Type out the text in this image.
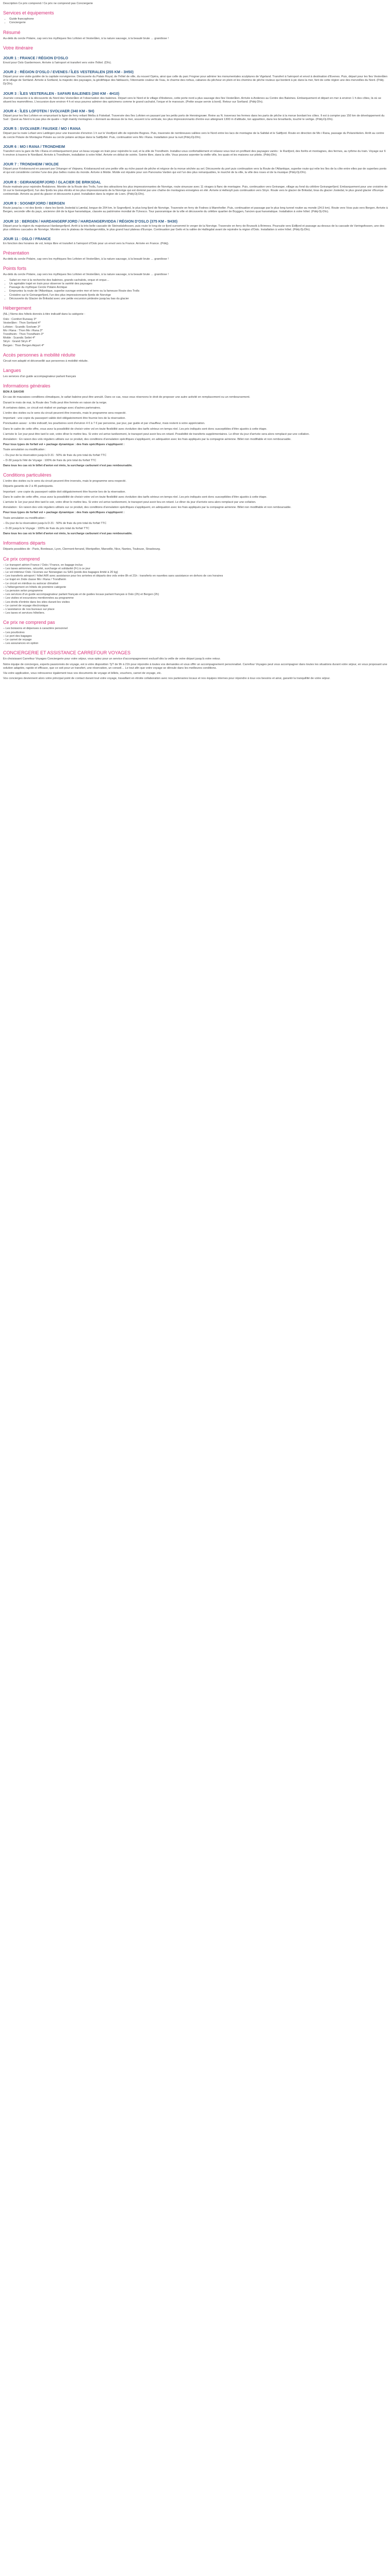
Description Ce prix comprend / Ce prix ne comprend pas Conciergerie
Services et équipements
• Guide francophone
• Conciergerie
Résumé
Au-delà du cercle Polaire, cap vers les mythiques îles Lofoten et Vesterålen, à la nature sauvage, à la beauté brute … grandiose !
Votre itinéraire
JOUR 1 : FRANCE / RÉGION D'OSLO
Envol pour Oslo Gardermoen. Arrivée à l'aéroport et transfert vers votre l'hôtel. (Dîn).
JOUR 2 : RÉGION D'OSLO / EVENES / ÎLES VESTERALEN (255 KM - 3H50)
Départ pour une visite guidée de la capitale norvégienne. Découverte du Palais Royal, de l'hôtel de ville, du nouvel Opéra, ainsi que celle du parc Frogner pour admirer les monumentales sculptures de Vigeland. Transfert à l'aéroport et envol à destination d'Evenes. Puis, départ pour les îles Vesterålen et le village de Sortland. Arrivée à Sortland, la majestic des paysages, la géolithique des fabliaux/s, l'étonnante couleur de l'eau, le charme des rorbus, cabanes du pêcheur en plein et les chemins de pêche routeux qui bordent à pic dans la mer, font de cette région une des merveilles du Nord. (Pdéj-Dj-Dîn).
JOUR 3 : ÎLES VESTERALEN - SAFARI BALEINES (260 KM - 4H10)
Journée consacrée à la découverte du Nord des Vesterålen et l'observation des baleines. Départ vers le Nord et le village d'Andenes, cette porte nord a plus sauvage des îles Vesterålen. Arrivée à Andenes au Centre des Baleines. Embarquement et départ en mer à environ 1 h des côtes, là où se situent les mammifères. L'excursion dure environ 4 h et vous pourrez admirer des spécimens comme le grand cachalot, l'orque et le marsouin. (Petite soupe servie à bord). Retour sur Sortland. (Pdéj-Dîn).
JOUR 4 : ÎLES LOFOTEN / SVOLVAER (340 KM - 5H)
Départ pour les îles Lofoten en empruntant la ligne de ferry reliant Melbu à Fiskebøl. Traversée des îles Lofoten en passant par les petits ports de Henningsvær. Reine au N. traversez les fermes dans les parts de pêche à la morue bordant les côtes. Il est à compter pas 150 km de développement du Sud : Quest au Nord à le pas plus de quatre « high mainly montagnes » donnant au-dessus de la mer, souvent à la verticale, les plus impressionnants d'entre eux atteignant 1300 m d'altitude, ton apparition, dans les brouillards, touché le vertige. (Pdéj-Dj-Dîn).
JOUR 5 : SVOLVAER / FAUSKE / MO I RANA
Départ par la route Lofast vers Lødingen pour une traversée d'environ 1 h sur le Vestfjord afin de rejoindre Bognes. Puis, traversée de nombreuses vallées vers le Nord entre les lacs de montagne de la Saltdal et le Saltfjord. Route en direction de Mo i Rana, passage du Polarsirkelen. Arrêt au centre du cercle Polaire de Montagne Polaire au cercle polaire arctique dans la Saltfjellet. Puis, continuation vers Mo i Rana. Installation pour la nuit (Pdéj-Dj-Dîn).
JOUR 6 : MO I RANA / TRONDHEIM
Transfert vers la gare de Mo i Rana et embarquement pour un beau voyage en train pour rejoindre le sud, et la ville de Trondheim. Installez-vous confortablement et relaxez-vous tout en profitant des paysages variés : le Ranfjord, des forêts et montagnes, des fermes, au rythme du train. Voyage sur 6 h environ à travers le Nordland. Arrivée à Trondheim, installation à votre hôtel. Arrivée en début de soirée. Soirée libre, dans la ville. Vous pouvez arpenter la vieille ville, les quais et les maisons sur pilotis. (Pdéj-Dîn).
JOUR 7 : TRONDHEIM / MOLDE
Départ pour Kristiansund en passant par Orkanger et Vinjeøra. Kristiansund est une petite ville au riche passé de pêche et négoce de la morue séchée au sel. Découverte du port puis continuation vers la Route de l'Atlantique, superbe route qui relie les îles de la côte entre elles par de superbes ponts et qui est considérée comme l'une des plus belles routes du monde. Arrivée à Molde. Molde est réputée pour son Panorama Varden qui est l'un des plus remarquables, le marché de la ville, la ville des roses et de la musique (Pdéj-Dj-Dîn).
JOUR 8 : GEIRANGERFJORD / GLACIER DE BRIKSDAL
Route matinale pour rejoindre Åndalsnes. Montée de la Route des Trolls, l'une des attractions les plus impressionnantes de Norvège, route sinueuse avec 11 virages à flanc de montagne. Puis, continuation vers Geiranger, village au fond du célèbre Geirangerfjord. Embarquement pour une croisière de 1h sur le Geirangerfjord, l'un des fjords les plus étroits et les plus impressionnants de la Norvège qui est dominé par une chaîne de montagnes enneigées en été. Arrivée à Hellesylt puis continuation vers Stryn. Route vers le glacier de Briksdal, bras du glacier Jostedal, le plus grand glacier d'Europe continentale. Arrivée au pied du glacier et découverte à pied. Installation dans la région de Loen. (Pdéj-Dj-Dîn).
JOUR 9 : SOGNEFJORD / BERGEN
Route jusqu'au « roi des fjords » dans les fjords Jostedal à Lærdal, longue de 204 km, le Sognefjord, le plus long fjord de Norvège. Traversée en ferry de Fodnes à Mannheller. Puis, continuation et passage par le plus long tunnel routier au monde (24,5 km). Route vers Voss puis vers Bergen. Arrivée à Bergen, seconde ville du pays, ancienne cité de la ligue hanséatique, classée au patrimoine mondial de l'Unesco. Tour panoramique de la ville et découverte du célèbre quartier de Bryggen, l'ancien quai hanséatique. Installation à votre hôtel. (Pdéj-Dj-Dîn).
JOUR 10 : BERGEN / HARDANGERFJORD / HARDANGERVIDDA / RÉGION D'OSLO (375 KM - 5H30)
Départ pour la région du majestueux Hardangerfjord. Arrêt à la très belle cascade de Steinsdalsfossen, puis route le long de ce fjord surnommé le verger de la Norvège. Traversée en ferry de Bruravik à Brimnes. Poursuite vers Eidfjord et passage au-dessus de la cascade de Vøringsfossen, une des plus célèbres cascades de Norvège. Montée vers le plateau de Hardangervidda, le plus grand haut plateau d'Europe. Continuation par Geilo et la vallée de Hallingdal avant de rejoindre la région d'Oslo. Installation à votre hôtel. (Pdéj-Dj-Dîn).
JOUR 11 : OSLO / FRANCE
En fonction des horaires de vol, temps libre et transfert à l'aéroport d'Oslo pour un envol vers la France. Arrivée en France. (Pdéj).
Présentation
Au-delà du cercle Polaire, cap vers les mythiques îles Lofoten et Vesterålen, à la nature sauvage, à la beauté brute … grandiose !
Points forts
Au-delà du cercle Polaire, cap vers les mythiques îles Lofoten et Vesterålen, à la nature sauvage, à la beauté brute … grandiose !
• Safari en mer à la recherche des baleines, grands cachalots, orque et orque…
• Un agréable trajet en train pour observer la variété des paysages
• Passage du mythique Cercle Polaire Arctique
• Empruntez la route de l'Atlantique, superbe ouvrage entre mer et terre ou la fameuse Route des Trolls
• Croisière sur le Geirangerfjord, l'un des plus impressionnants fjords de Norvège
• Découverte du Glacier de Briksdal avec une petite excursion pédestre jusqu'au bas du glacier
Hébergement
(NL.) Noms des hôtels donnés à titre indicatif dans la catégorie :
Oslo : Comfort Runway 3*
Vesterålen : Thon Sortland 4*
Lofoten : Scandic Svolvær 3*
Mo i Rana : Thon Mo i Rana 3*
Trondheim : Thon Trondheim 3*
Molde : Scandic Seilet 4*
Stryn : Grand Stryn 4*
Bergen : Thon Bergen Airport 4*
Accès personnes à mobilité réduite
Circuit non adapté et déconseillé aux personnes à mobilité réduite.
Langues
Les services d'un guide accompagnateur parlant français
Informations générales
BON À SAVOIR
En cas de mauvaises conditions climatiques, le safari baleine peut être annulé. Dans ce cas, nous vous réservons le droit de proposer une autre activité en remplacement ou un remboursement.
Durant le mois de mai, la Route des Trolls peut être fermée en raison de la neige.
À certaines dates, ce circuit est réalisé en partage avec d'autres partenaires.
L'ordre des visites ou le sens du circuit peuvent être inversés, mais le programme sera respecté.
Important : une copie du passeport valide doit obligatoirement être fournie lors de la réservation.
Ponctuation assez : à titre indicatif, les pourboires sont d'environ 4 € à 7 € par personne, par jour, par guide et par chauffeur, mais restent à votre appréciation.
Dans le cadre de cette offre, vous avez la possibilité de choisir votre vol en toute flexibilité avec évolution des tarifs sérieux en temps réel. Les prix indiqués sont donc susceptibles d'être ajustés à cette étape.
L'arrivée le 1er jour peut être tard le soir, votre dîner le mettre lieu. Si votre vol arrive tardivement, le transport peut avoir lieu en retard. Possibilité de transferts supplémentaires. Le dîner du jour d'arrivée sera alors remplacé par une collation.
Annulation : En raison des vols réguliers utilisés sur ce produit, des conditions d'annulation spécifiques s'appliquent, en adéquation avec les frais appliqués par la compagnie aérienne. Billet non modifiable et non remboursable.
Pour tous types de forfait vol + package dynamique : des frais spécifiques s'appliquent :
Toute annulation ou modification :
– Du jour de la réservation jusqu'à D-31 : 50% de frais du prix total du forfait TTC
– D-30 jusqu'à l'été de Voyage : 100% de frais du prix total du forfait TTC
Dans tous les cas où le billet d'avion est émis, la surcharge carburant n'est pas remboursable.
Conditions particulières
L'ordre des visites ou le sens du circuit peuvent être inversés, mais le programme sera respecté.
Départs garantis de 2 à 45 participants.
Important : une copie du passeport valide doit obligatoirement être fournie lors de la réservation.
Dans le cadre de cette offre, vous avez la possibilité de choisir votre vol en toute flexibilité avec évolution des tarifs sérieux en temps réel. Les prix indiqués sont donc susceptibles d'être ajustés à cette étape.
L'arrivée le 1er jour peut être tard le soir, votre dîner le mettre lieu. Si votre vol arrive tardivement, le transport peut avoir lieu en retard. Le dîner du jour d'arrivée sera alors remplacé par une collation.
Annulation : En raison des vols réguliers utilisés sur ce produit, des conditions d'annulation spécifiques s'appliquent, en adéquation avec les frais appliqués par la compagnie aérienne. Billet non modifiable et non remboursable.
Pour tous types de forfait vol + package dynamique : des frais spécifiques s'appliquent :
Toute annulation ou modification :
– Du jour de la réservation jusqu'à D-31 : 50% de frais du prix total du forfait TTC
– D-30 jusqu'à le Voyage : 100% de frais du prix total du forfait TTC
Dans tous les cas où le billet d'avion est émis, la surcharge carburant n'est pas remboursable.
Informations départs
Départs possibles de : Paris, Bordeaux, Lyon, Clermont-ferrand, Montpellier, Marseille, Nice, Nantes, Toulouse, Strasbourg.
Ce prix comprend
– Le transport aérien France / Oslo / France, en bagage inclus
– Les taxes aériennes, sécurité, surcharge et solidarité (Fr) à ce jour
– Le vol intérieur Oslo / Evenes sur Norwegian ou SAS (poids des bagages limité à 20 kg)
– Les transferts aéroport / hôtel A/R avec assistance pour les arrivées et départs des vols entre 8h et 21h : transferts en navettes sans assistance en dehors de ces horaires
– Le trajet en 2nde classe Mo i Rana / Trondheim
– Le circuit en minibus ou autocar climatisé
– L'hébergement en hôtels de première catégorie
– La pension selon programme
– Les services d'un guide accompagnateur parlant français et de guides locaux parlant français à Oslo (2h) et Bergen (2h)
– Les visites et excursions mentionnées au programme
– Les droits d'entrée dans les sites durant les visites
– Le carnet de voyage électronique
– L'assistance de nos bureaux sur place
– Les taxes et services hôteliers.
Ce prix ne comprend pas
– Les boissons et dépenses à caractère personnel
– Les pourboires
– Le port des bagages
– Le carnet de voyage
– Les assurances en option
CONCIERGERIE ET ASSISTANCE CARREFOUR VOYAGES
En choisissant Carrefour Voyages Conciergerie pour votre séjour, vous optez pour un service d'accompagnement exclusif dès la veille de votre départ jusqu'à votre retour.
Notre équipe de concierges, experts passionnés de voyage, est à votre disposition 7j/7 de 9h à 21h pour répondre à toutes vos demandes et vous offrir un accompagnement personnalisé. Carrefour Voyages peut vous accompagner dans toutes les situations durant votre séjour, en vous proposant une solution adaptée, rapide et efficace, que ce soit pour un transfert, une réservation, un conseil… Le tout afin que votre voyage se déroule dans les meilleures conditions.
Via votre application, vous retrouverez également tous vos documents de voyage et billets, vouchers, carnet de voyage, etc.
Vos concierges deviennent alors votre principal point de contact durant tout votre voyage, travaillant en étroite collaboration avec nos partenaires locaux et nos équipes internes pour répondre à tous vos besoins et ainsi, garantir la tranquillité de votre séjour.
